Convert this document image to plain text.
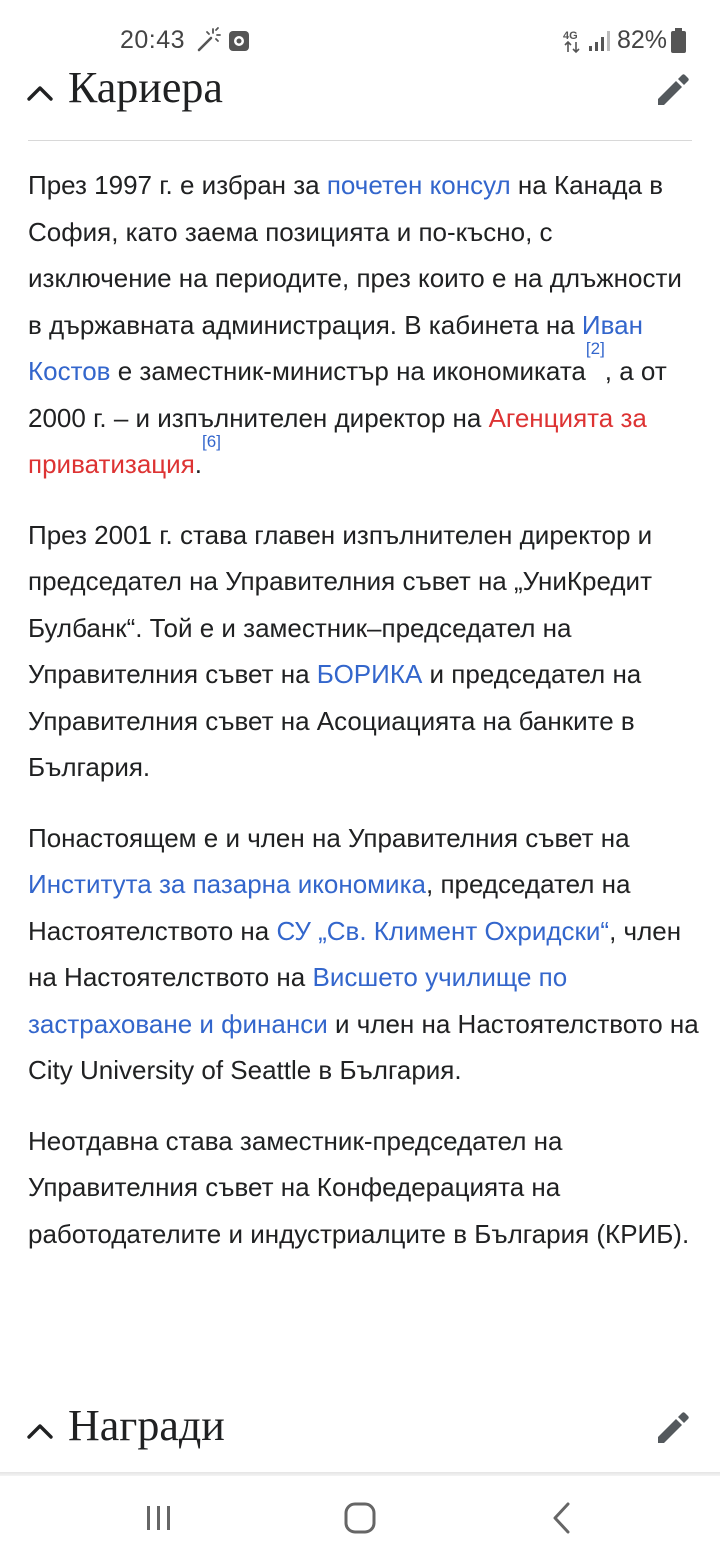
20:43	4G 82%
Кариера

През 1997 г. е избран за почетен консул на Канада в София, като заема позицията и по-късно, с изключение на периодите, през които е на длъжности в държавната администрация. В кабинета на Иван Костов е заместник-министър на икономиката[2], а от 2000 г. – и изпълнителен директор на Агенцията за приватизация.[6]

През 2001 г. става главен изпълнителен директор и председател на Управителния съвет на „УниКредит Булбанк“. Той е и заместник–председател на Управителния съвет на БОРИКА и председател на Управителния съвет на Асоциацията на банките в България.

Понастоящем е и член на Управителния съвет на Института за пазарна икономика, председател на Настоятелството на СУ „Св. Климент Охридски“, член на Настоятелството на Висшето училище по застраховане и финанси и член на Настоятелството на City University of Seattle в България.

Неотдавна става заместник-председател на Управителния съвет на Конфедерацията на работодателите и индустриалците в България (КРИБ).

Награди
